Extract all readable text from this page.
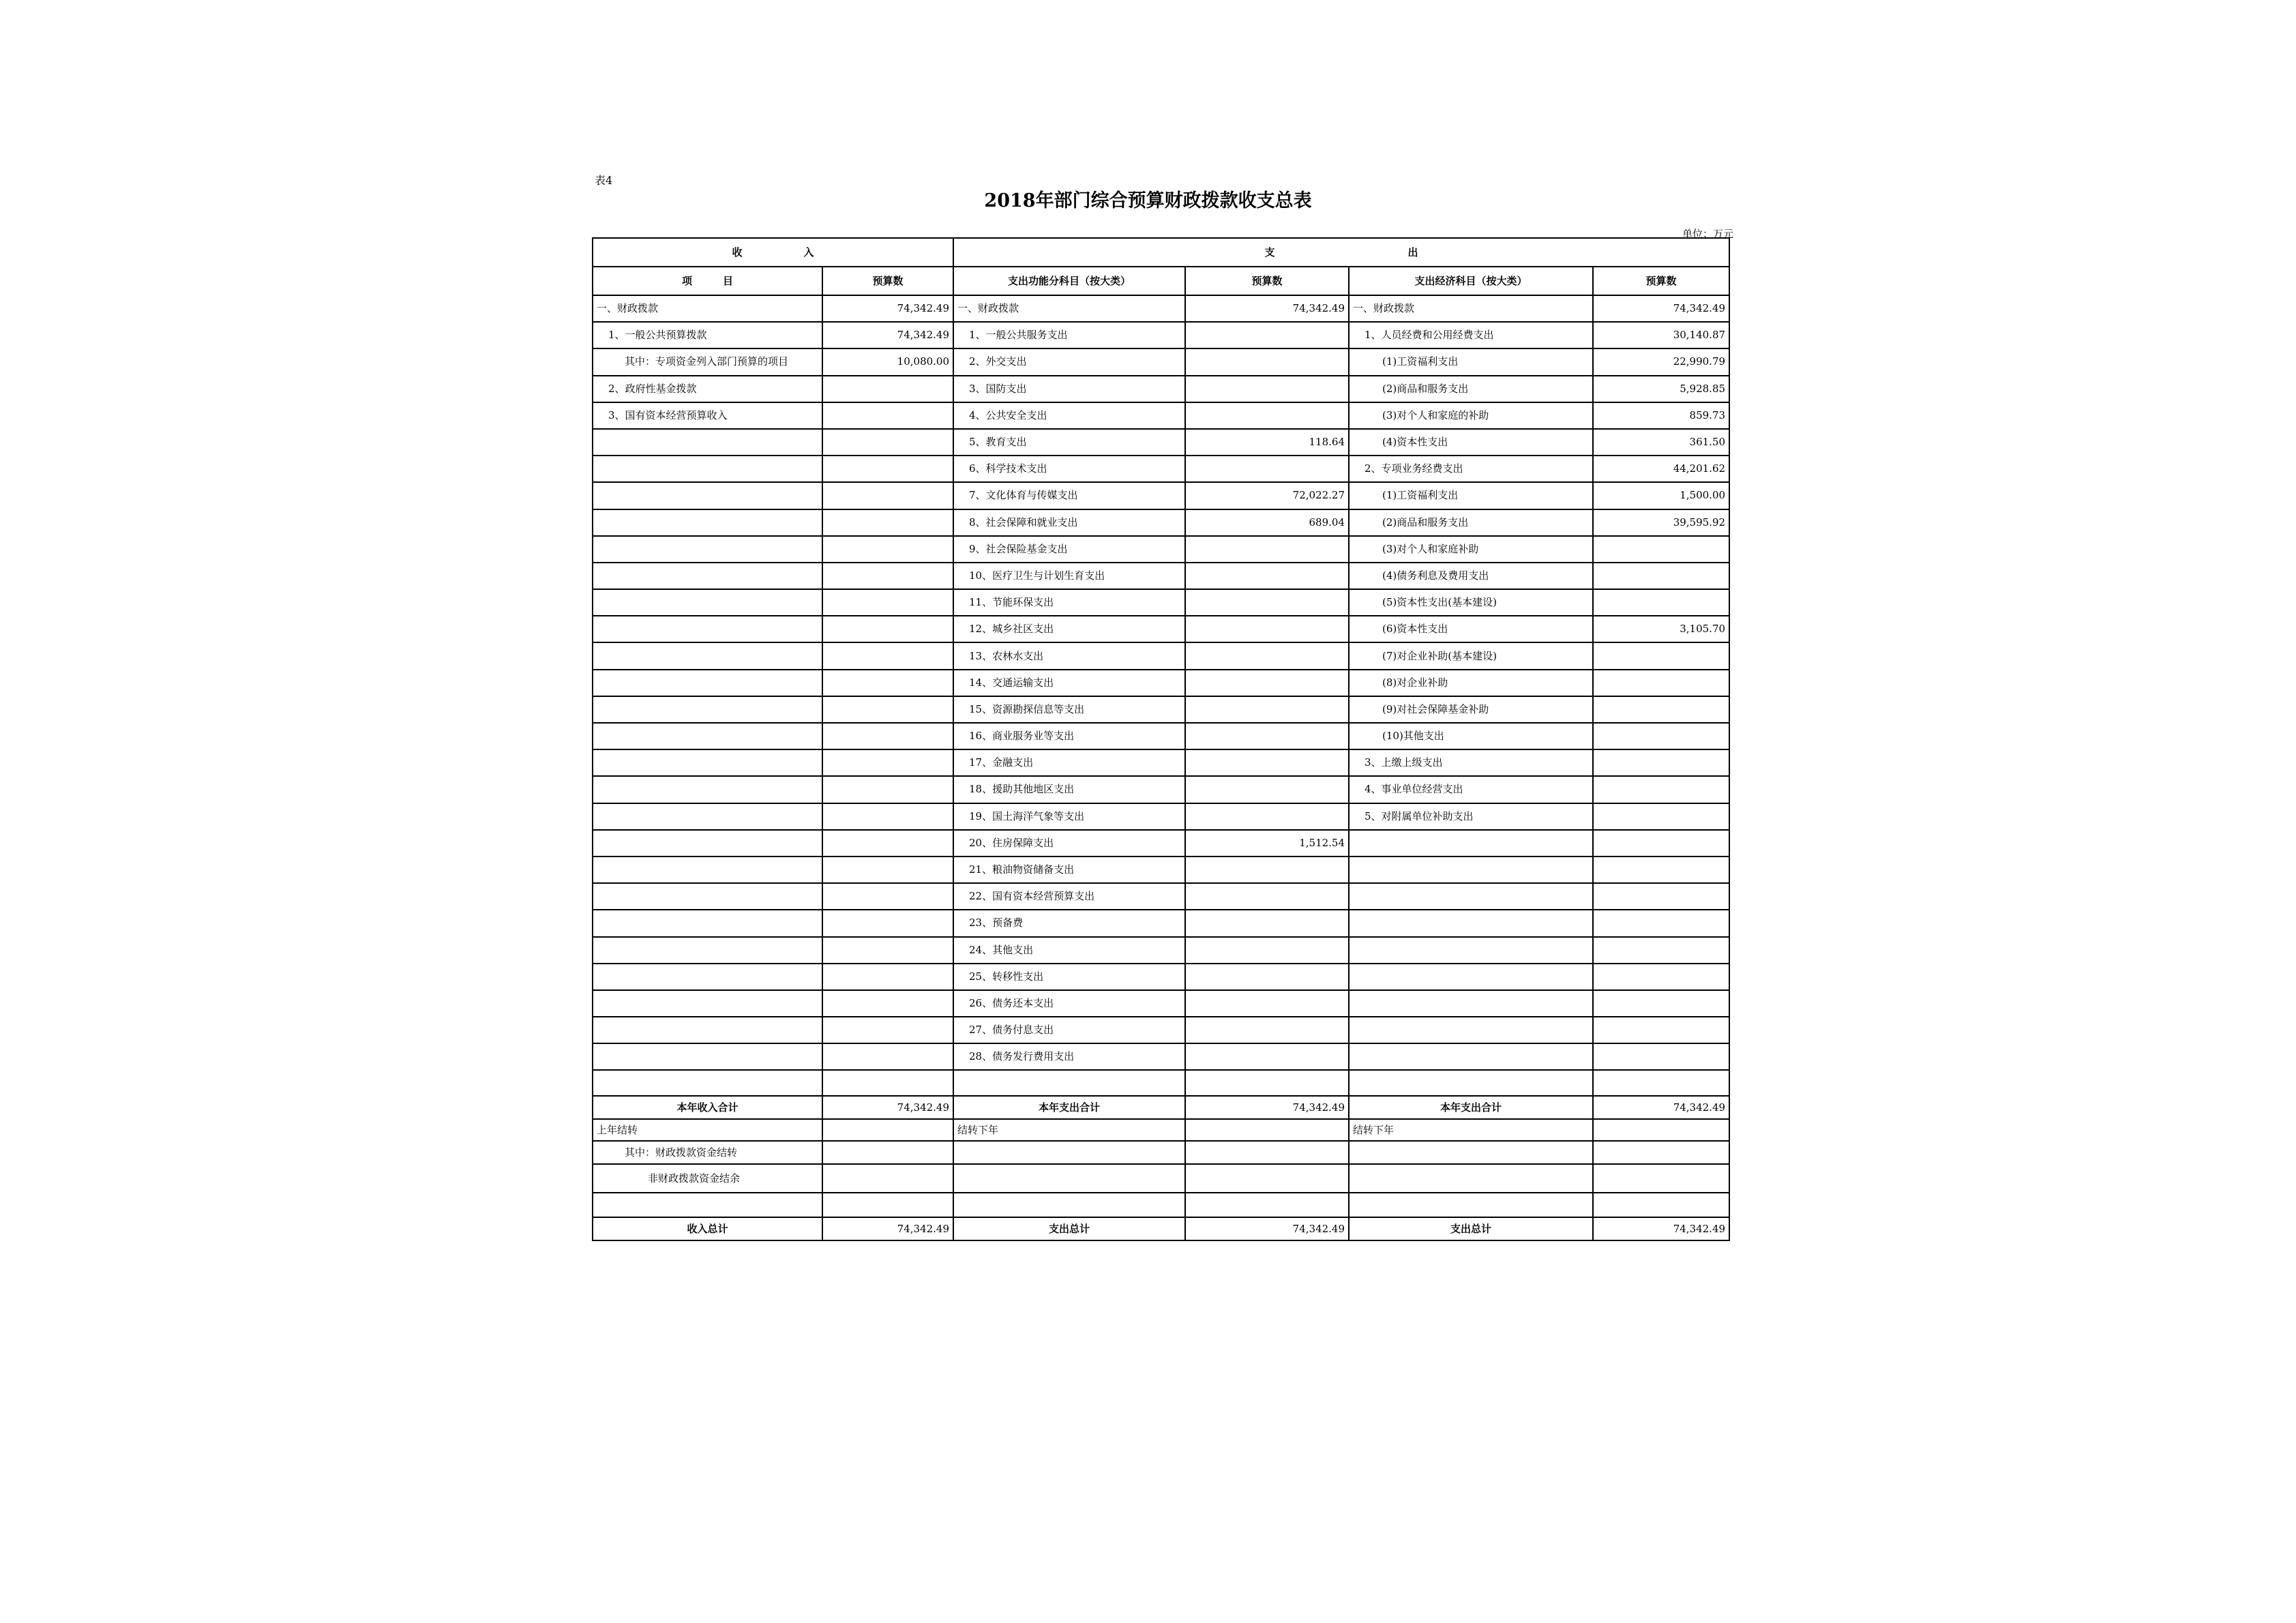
表4
2018年部门综合预算财政拨款收支总表
单位：万元
收　　　　　　入		支　　　　　　　　　　　　　出			
项　　　目	预算数	支出功能分科目（按大类）	预算数	支出经济科目（按大类）	预算数
一、财政拨款	74,342.49	一、财政拨款	74,342.49	一、财政拨款	74,342.49
1、一般公共预算拨款	74,342.49	1、一般公共服务支出		1、人员经费和公用经费支出	30,140.87
其中：专项资金列入部门预算的项目	10,080.00	2、外交支出		(1)工资福利支出	22,990.79
2、政府性基金拨款		3、国防支出		(2)商品和服务支出	5,928.85
3、国有资本经营预算收入		4、公共安全支出		(3)对个人和家庭的补助	859.73
		5、教育支出	118.64	(4)资本性支出	361.50
		6、科学技术支出		2、专项业务经费支出	44,201.62
		7、文化体育与传媒支出	72,022.27	(1)工资福利支出	1,500.00
		8、社会保障和就业支出	689.04	(2)商品和服务支出	39,595.92
		9、社会保险基金支出		(3)对个人和家庭补助	
		10、医疗卫生与计划生育支出		(4)债务利息及费用支出	
		11、节能环保支出		(5)资本性支出(基本建设)	
		12、城乡社区支出		(6)资本性支出	3,105.70
		13、农林水支出		(7)对企业补助(基本建设)	
		14、交通运输支出		(8)对企业补助	
		15、资源勘探信息等支出		(9)对社会保障基金补助	
		16、商业服务业等支出		(10)其他支出	
		17、金融支出		3、上缴上级支出	
		18、援助其他地区支出		4、事业单位经营支出	
		19、国土海洋气象等支出		5、对附属单位补助支出	
		20、住房保障支出	1,512.54		
		21、粮油物资储备支出			
		22、国有资本经营预算支出			
		23、预备费			
		24、其他支出			
		25、转移性支出			
		26、债务还本支出			
		27、债务付息支出			
		28、债务发行费用支出			

本年收入合计	74,342.49	本年支出合计	74,342.49	本年支出合计	74,342.49
上年结转		结转下年		结转下年	
其中：财政拨款资金结转					
非财政拨款资金结余					

收入总计	74,342.49	支出总计	74,342.49	支出总计	74,342.49
